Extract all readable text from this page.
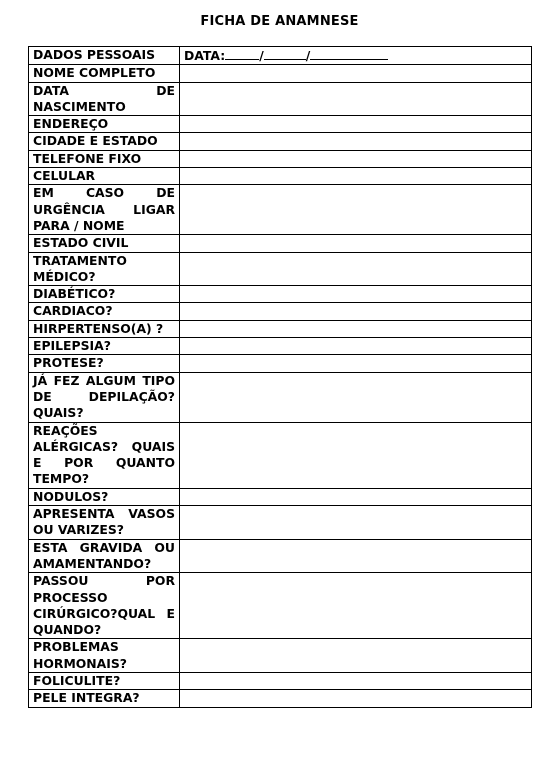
FICHA DE ANAMNESE
DADOS PESSOAIS	DATA: / /
NOME COMPLETO	
DATA DE NASCIMENTO	
ENDEREÇO	
CIDADE E ESTADO	
TELEFONE FIXO	
CELULAR	
EM CASO DE URGÊNCIA LIGAR PARA / NOME	
ESTADO CIVIL	
TRATAMENTO MÉDICO?	
DIABÉTICO?	
CARDIACO?	
HIRPERTENSO(A) ?	
EPILEPSIA?	
PROTESE?	
JÁ FEZ ALGUM TIPO DE DEPILAÇÃO? QUAIS?	
REAÇÕES ALÉRGICAS? QUAIS E POR QUANTO TEMPO?	
NODULOS?	
APRESENTA VASOS OU VARIZES?	
ESTA GRAVIDA OU AMAMENTANDO?	
PASSOU POR PROCESSO CIRÚRGICO?QUAL E QUANDO?	
PROBLEMAS HORMONAIS?	
FOLICULITE?	
PELE INTEGRA?	
